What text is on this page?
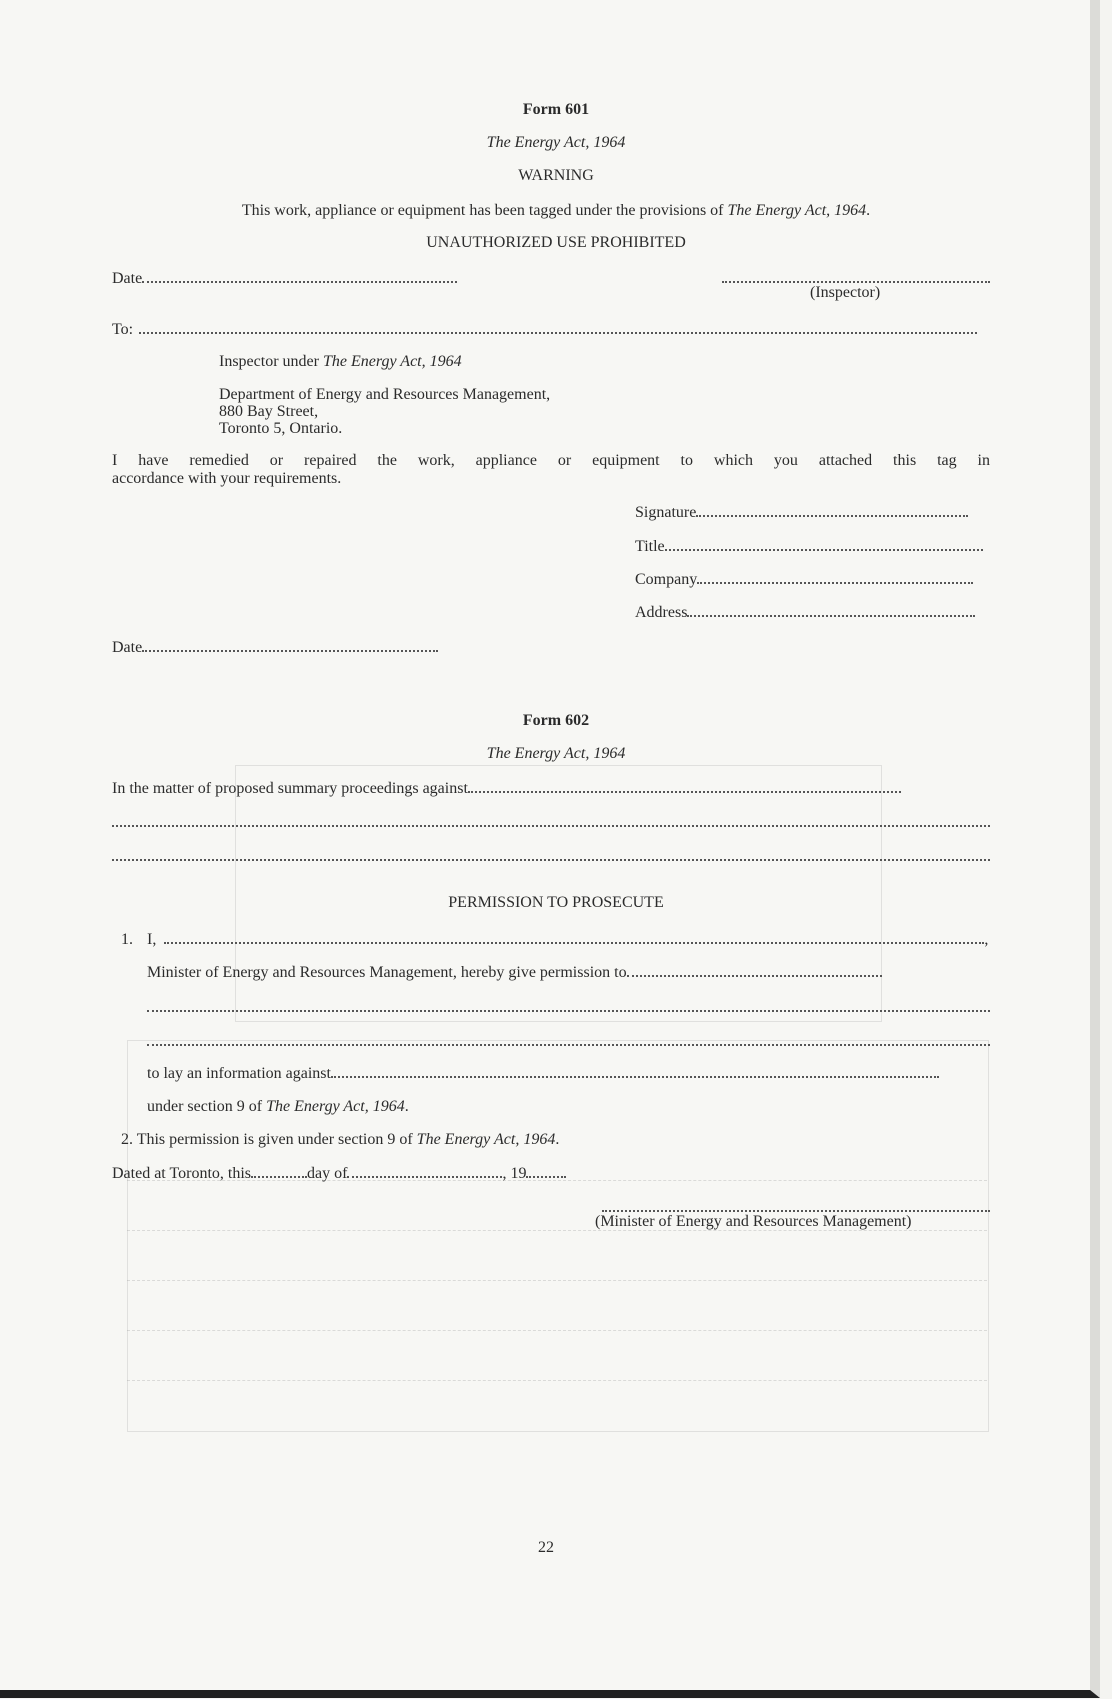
Form 601
The Energy Act, 1964
WARNING
This work, appliance or equipment has been tagged under the provisions of The Energy Act, 1964.
UNAUTHORIZED USE PROHIBITED
Date
(Inspector)
To:
Inspector under The Energy Act, 1964
Department of Energy and Resources Management,
880 Bay Street,
Toronto 5, Ontario.
I have remedied or repaired the work, appliance or equipment to which you attached this tag in
accordance with your requirements.
Signature
Title
Company
Address
Date
Form 602
The Energy Act, 1964
In the matter of proposed summary proceedings against
PERMISSION TO PROSECUTE
1. I,	,
Minister of Energy and Resources Management, hereby give permission to
to lay an information against
under section 9 of The Energy Act, 1964.
2. This permission is given under section 9 of The Energy Act, 1964.
Dated at Toronto, this	day of	, 19
(Minister of Energy and Resources Management)
22
